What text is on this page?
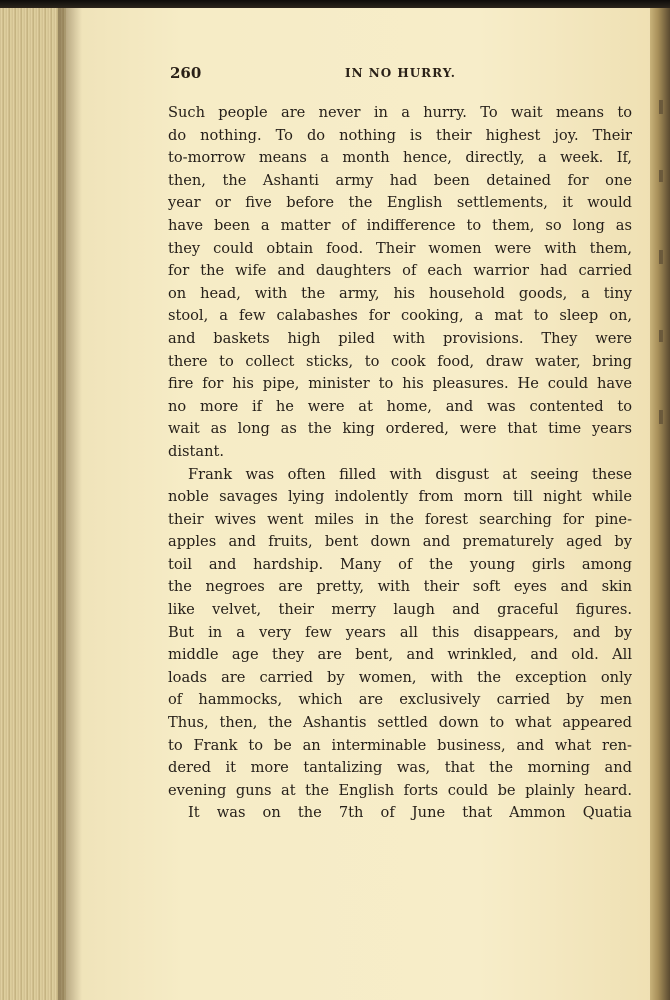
260	IN NO HURRY.
Such people are never in a hurry. To wait means to
do nothing. To do nothing is their highest joy. Their
to-morrow means a month hence, directly, a week. If,
then, the Ashanti army had been detained for one
year or five before the English settlements, it would
have been a matter of indifference to them, so long as
they could obtain food. Their women were with them,
for the wife and daughters of each warrior had carried
on head, with the army, his household goods, a tiny
stool, a few calabashes for cooking, a mat to sleep on,
and baskets high piled with provisions. They were
there to collect sticks, to cook food, draw water, bring
fire for his pipe, minister to his pleasures. He could have
no more if he were at home, and was contented to
wait as long as the king ordered, were that time years
distant.
Frank was often filled with disgust at seeing these
noble savages lying indolently from morn till night while
their wives went miles in the forest searching for pine-
apples and fruits, bent down and prematurely aged by
toil and hardship. Many of the young girls among
the negroes are pretty, with their soft eyes and skin
like velvet, their merry laugh and graceful figures.
But in a very few years all this disappears, and by
middle age they are bent, and wrinkled, and old. All
loads are carried by women, with the exception only
of hammocks, which are exclusively carried by men
Thus, then, the Ashantis settled down to what appeared
to Frank to be an interminable business, and what ren-
dered it more tantalizing was, that the morning and
evening guns at the English forts could be plainly heard.
It was on the 7th of June that Ammon Quatia
